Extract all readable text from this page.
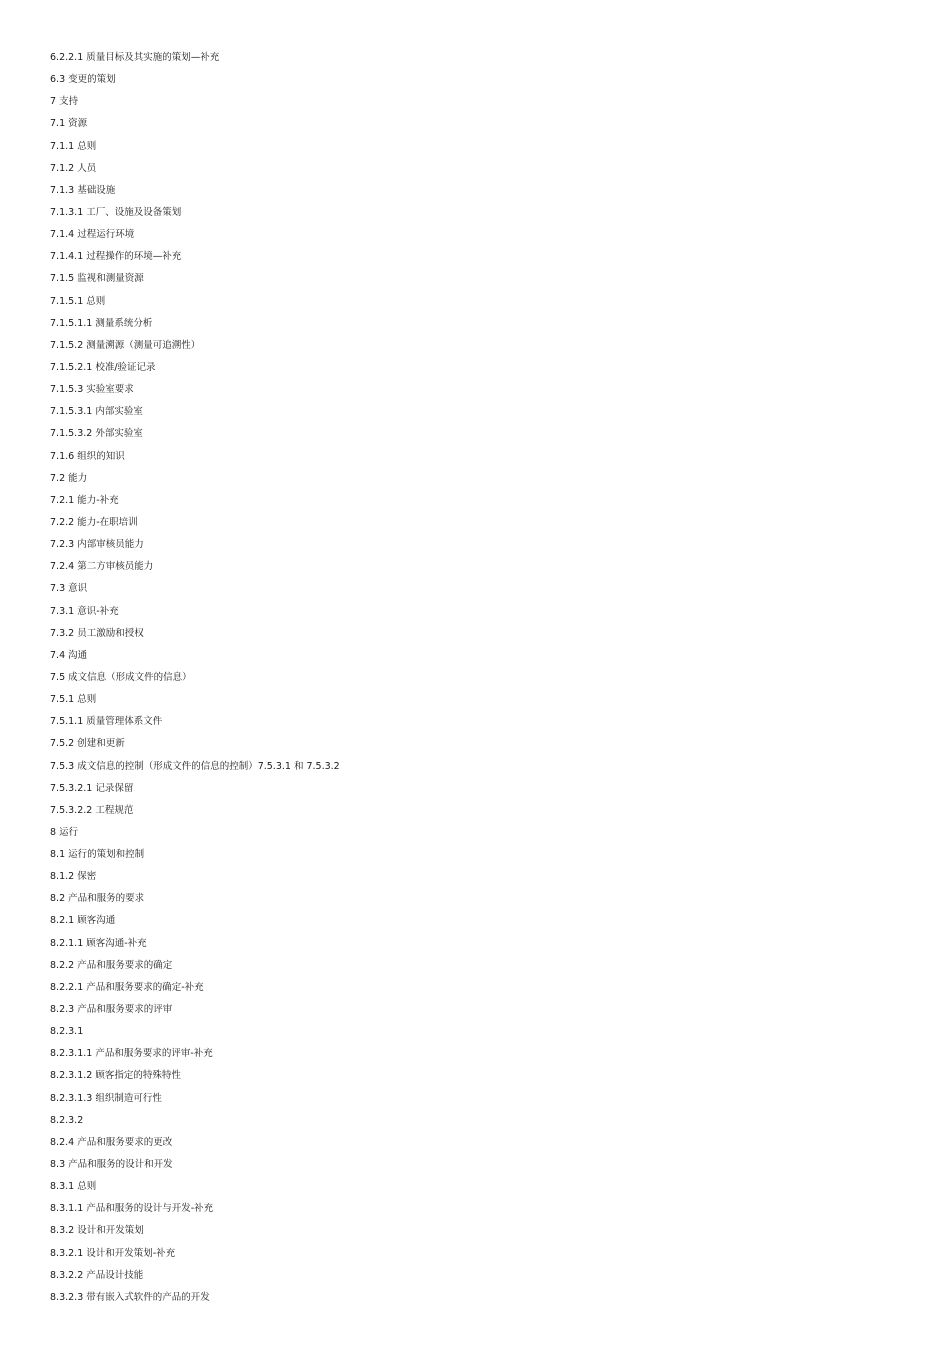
6.2.2.1 质量目标及其实施的策划—补充
6.3 变更的策划
7 支持
7.1 资源
7.1.1 总则
7.1.2 人员
7.1.3 基础设施
7.1.3.1 工厂、设施及设备策划
7.1.4 过程运行环境
7.1.4.1 过程操作的环境—补充
7.1.5 监视和测量资源
7.1.5.1 总则
7.1.5.1.1 测量系统分析
7.1.5.2 测量溯源（测量可追溯性）
7.1.5.2.1 校准/验证记录
7.1.5.3 实验室要求
7.1.5.3.1 内部实验室
7.1.5.3.2 外部实验室
7.1.6 组织的知识
7.2 能力
7.2.1 能力-补充
7.2.2 能力-在职培训
7.2.3 内部审核员能力
7.2.4 第二方审核员能力
7.3 意识
7.3.1 意识-补充
7.3.2 员工激励和授权
7.4 沟通
7.5 成文信息（形成文件的信息）
7.5.1 总则
7.5.1.1 质量管理体系文件
7.5.2 创建和更新
7.5.3 成文信息的控制（形成文件的信息的控制）7.5.3.1 和 7.5.3.2
7.5.3.2.1 记录保留
7.5.3.2.2 工程规范
8 运行
8.1 运行的策划和控制
8.1.2 保密
8.2 产品和服务的要求
8.2.1 顾客沟通
8.2.1.1 顾客沟通-补充
8.2.2 产品和服务要求的确定
8.2.2.1 产品和服务要求的确定-补充
8.2.3 产品和服务要求的评审
8.2.3.1
8.2.3.1.1 产品和服务要求的评审-补充
8.2.3.1.2 顾客指定的特殊特性
8.2.3.1.3 组织制造可行性
8.2.3.2
8.2.4 产品和服务要求的更改
8.3 产品和服务的设计和开发
8.3.1 总则
8.3.1.1 产品和服务的设计与开发-补充
8.3.2 设计和开发策划
8.3.2.1 设计和开发策划-补充
8.3.2.2 产品设计技能
8.3.2.3 带有嵌入式软件的产品的开发
